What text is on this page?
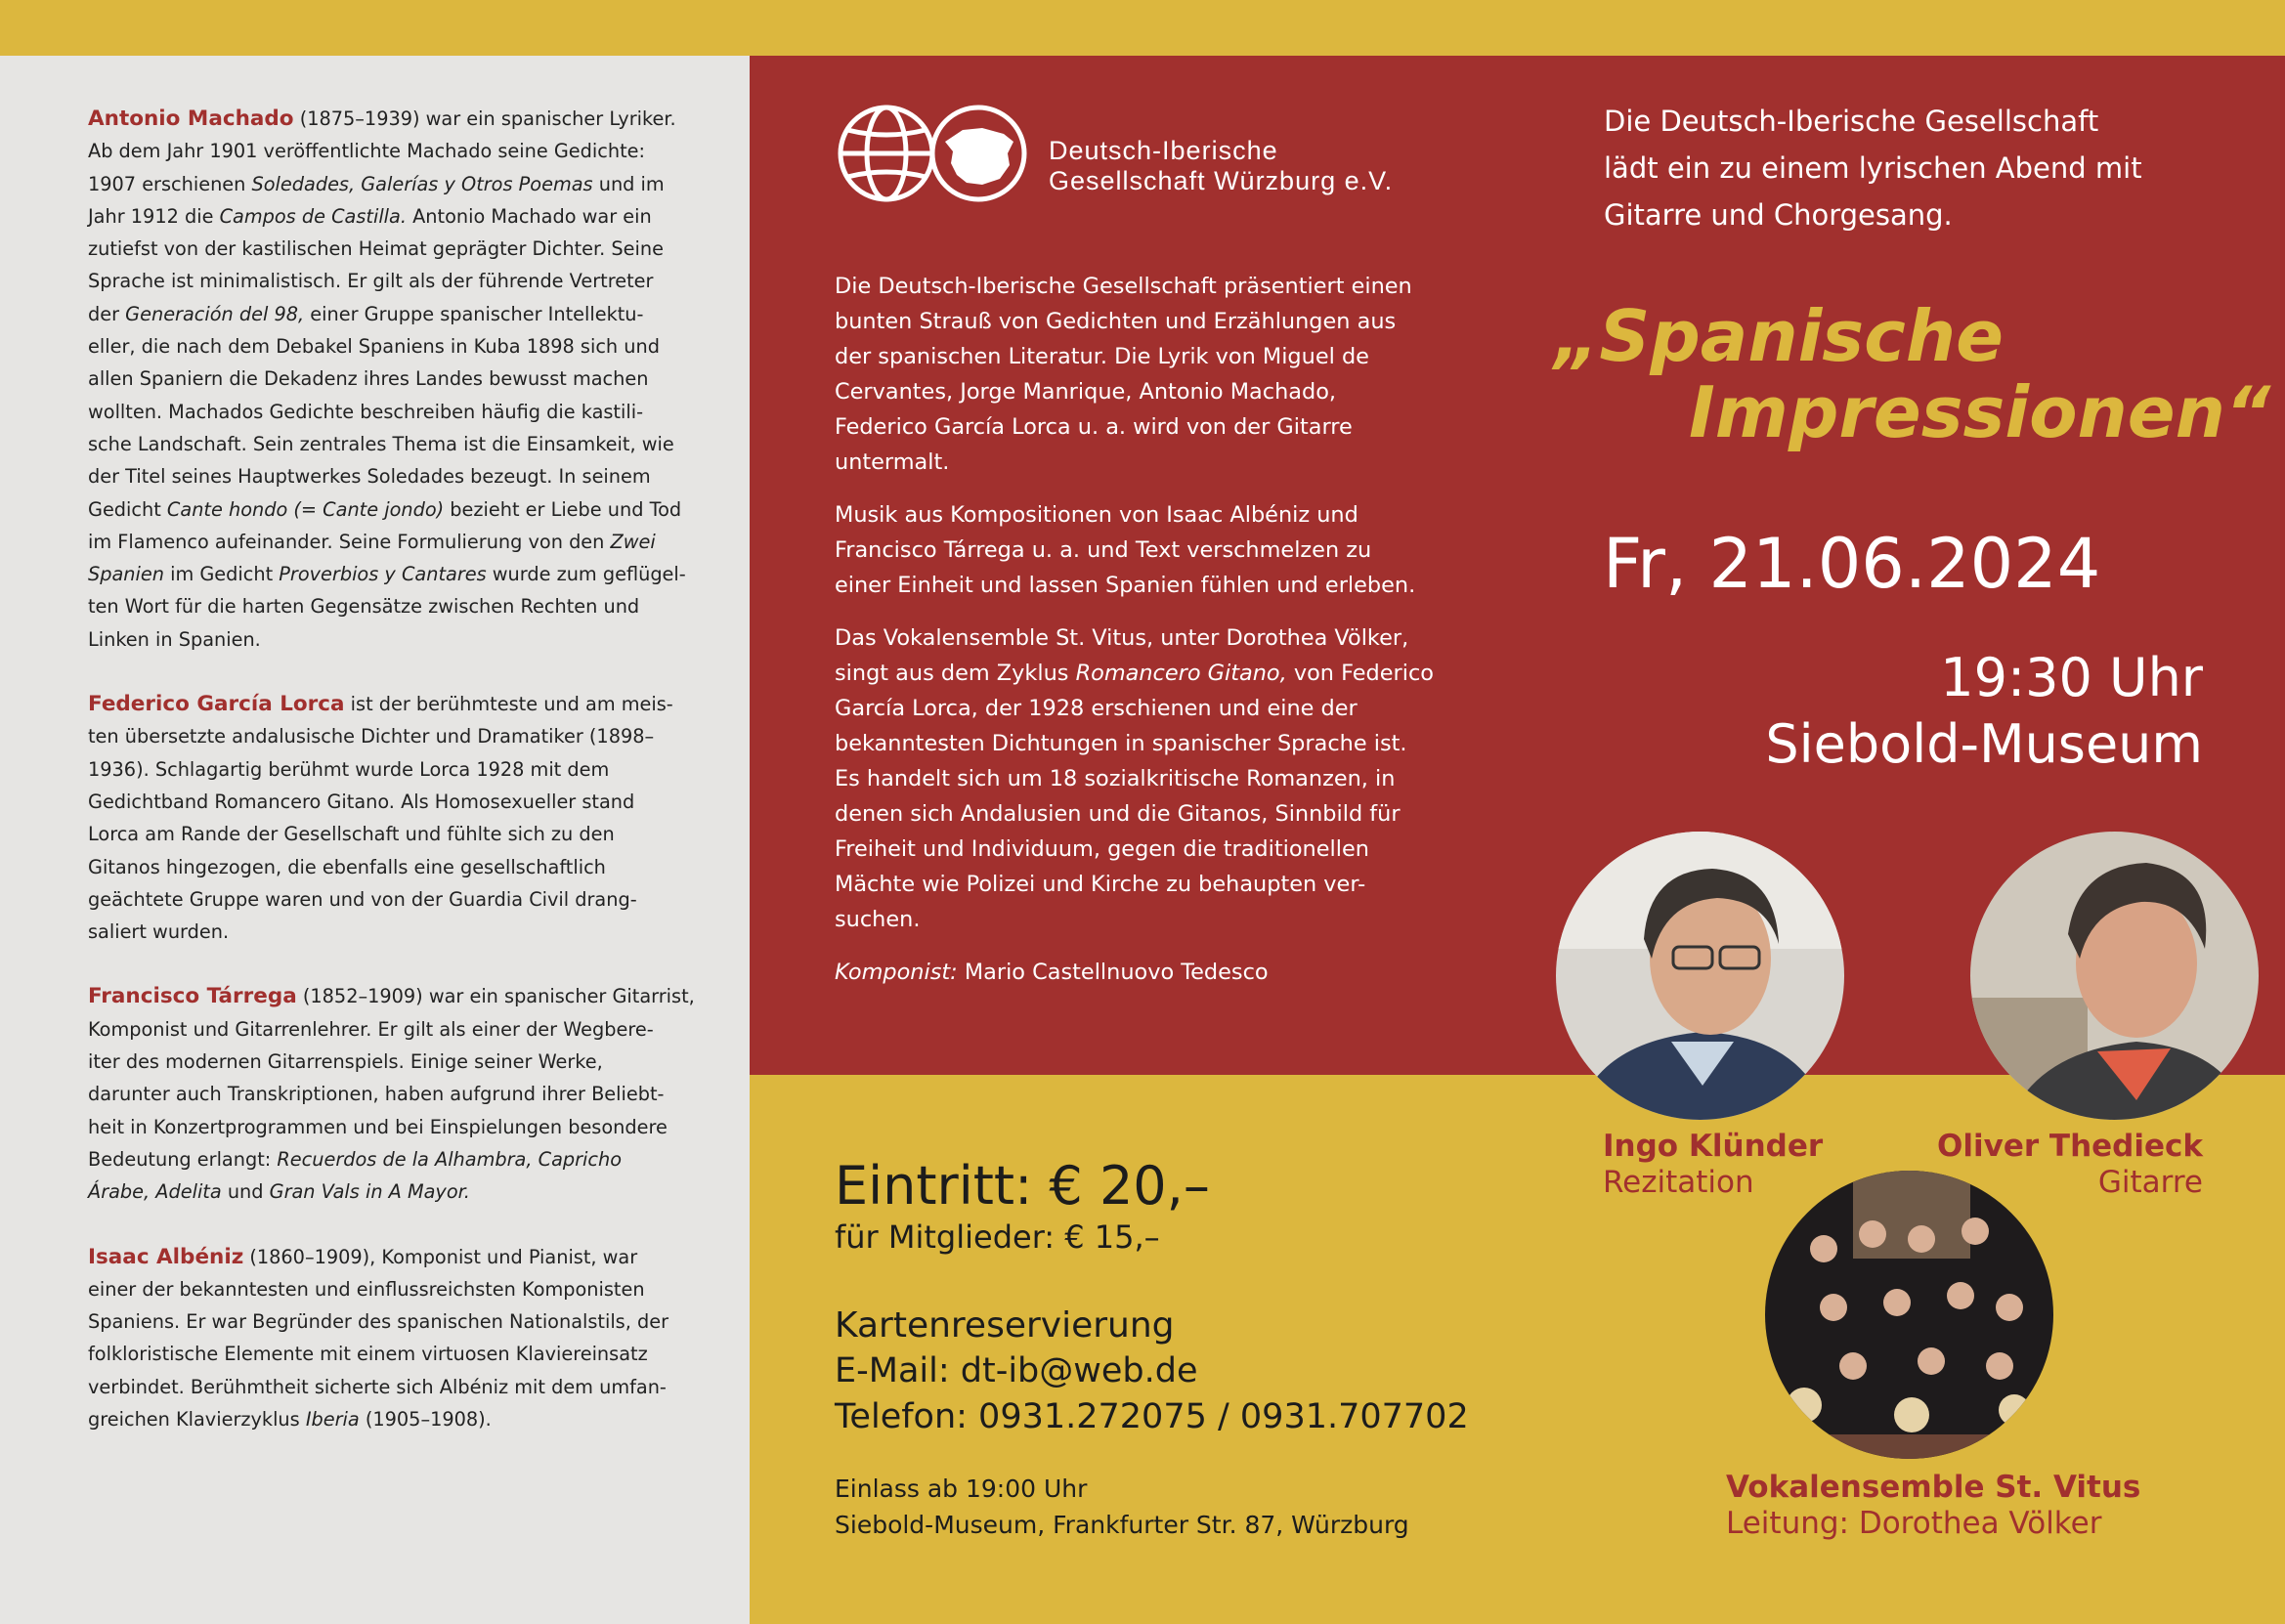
Antonio Machado (1875–1939) war ein spanischer Lyriker.

Ab dem Jahr 1901 veröffentlichte Machado seine Gedichte:

1907 erschienen Soledades, Galerías y Otros Poemas und im

Jahr 1912 die Campos de Castilla. Antonio Machado war ein

zutiefst von der kastilischen Heimat geprägter Dichter. Seine

Sprache ist minimalistisch. Er gilt als der führende Vertreter

der Generación del 98, einer Gruppe spanischer Intellektu-

eller, die nach dem Debakel Spaniens in Kuba 1898 sich und

allen Spaniern die Dekadenz ihres Landes bewusst machen

wollten. Machados Gedichte beschreiben häufig die kastili-

sche Landschaft. Sein zentrales Thema ist die Einsamkeit, wie

der Titel seines Hauptwerkes Soledades bezeugt. In seinem

Gedicht Cante hondo (= Cante jondo) bezieht er Liebe und Tod

im Flamenco aufeinander. Seine Formulierung von den Zwei

Spanien im Gedicht Proverbios y Cantares wurde zum geflügel-

ten Wort für die harten Gegensätze zwischen Rechten und

Linken in Spanien.

Federico García Lorca ist der berühmteste und am meis-

ten übersetzte andalusische Dichter und Dramatiker (1898–

1936). Schlagartig berühmt wurde Lorca 1928 mit dem

Gedichtband Romancero Gitano. Als Homosexueller stand

Lorca am Rande der Gesellschaft und fühlte sich zu den

Gitanos hingezogen, die ebenfalls eine gesellschaftlich

geächtete Gruppe waren und von der Guardia Civil drang-

saliert wurden.

Francisco Tárrega (1852–1909) war ein spanischer Gitarrist,

Komponist und Gitarrenlehrer. Er gilt als einer der Wegbere-

iter des modernen Gitarrenspiels. Einige seiner Werke,

darunter auch Transkriptionen, haben aufgrund ihrer Beliebt-

heit in Konzertprogrammen und bei Einspielungen besondere

Bedeutung erlangt: Recuerdos de la Alhambra, Capricho

Árabe, Adelita und Gran Vals in A Mayor.

Isaac Albéniz (1860–1909), Komponist und Pianist, war

einer der bekanntesten und einflussreichsten Komponisten

Spaniens. Er war Begründer des spanischen Nationalstils, der

folkloristische Elemente mit einem virtuosen Klaviereinsatz

verbindet. Berühmtheit sicherte sich Albéniz mit dem umfan-

greichen Klavierzyklus Iberia (1905–1908).

Deutsch-Iberische

Gesellschaft Würzburg e.V.

Die Deutsch-Iberische Gesellschaft präsentiert einen

bunten Strauß von Gedichten und Erzählungen aus

der spanischen Literatur. Die Lyrik von Miguel de

Cervantes, Jorge Manrique, Antonio Machado,

Federico García Lorca u. a. wird von der Gitarre

untermalt.

Musik aus Kompositionen von Isaac Albéniz und

Francisco Tárrega u. a. und Text verschmelzen zu

einer Einheit und lassen Spanien fühlen und erleben.

Das Vokalensemble St. Vitus, unter Dorothea Völker,

singt aus dem Zyklus Romancero Gitano, von Federico

García Lorca, der 1928 erschienen und eine der

bekanntesten Dichtungen in spanischer Sprache ist.

Es handelt sich um 18 sozialkritische Romanzen, in

denen sich Andalusien und die Gitanos, Sinnbild für

Freiheit und Individuum, gegen die traditionellen

Mächte wie Polizei und Kirche zu behaupten ver-

suchen.

Komponist: Mario Castellnuovo Tedesco

Die Deutsch-Iberische Gesellschaft

lädt ein zu einem lyrischen Abend mit

Gitarre und Chorgesang.

„Spanische
Impressionen“
Fr, 21.06.2024

19:30 Uhr

Siebold-Museum

Ingo Klünder

Rezitation

Oliver Thedieck

Gitarre

Vokalensemble St. Vitus

Leitung: Dorothea Völker

Eintritt: € 20,–

für Mitglieder: € 15,–

Kartenreservierung

E-Mail: dt-ib@web.de

Telefon: 0931.272075 / 0931.707702

Einlass ab 19:00 Uhr

Siebold-Museum, Frankfurter Str. 87, Würzburg
